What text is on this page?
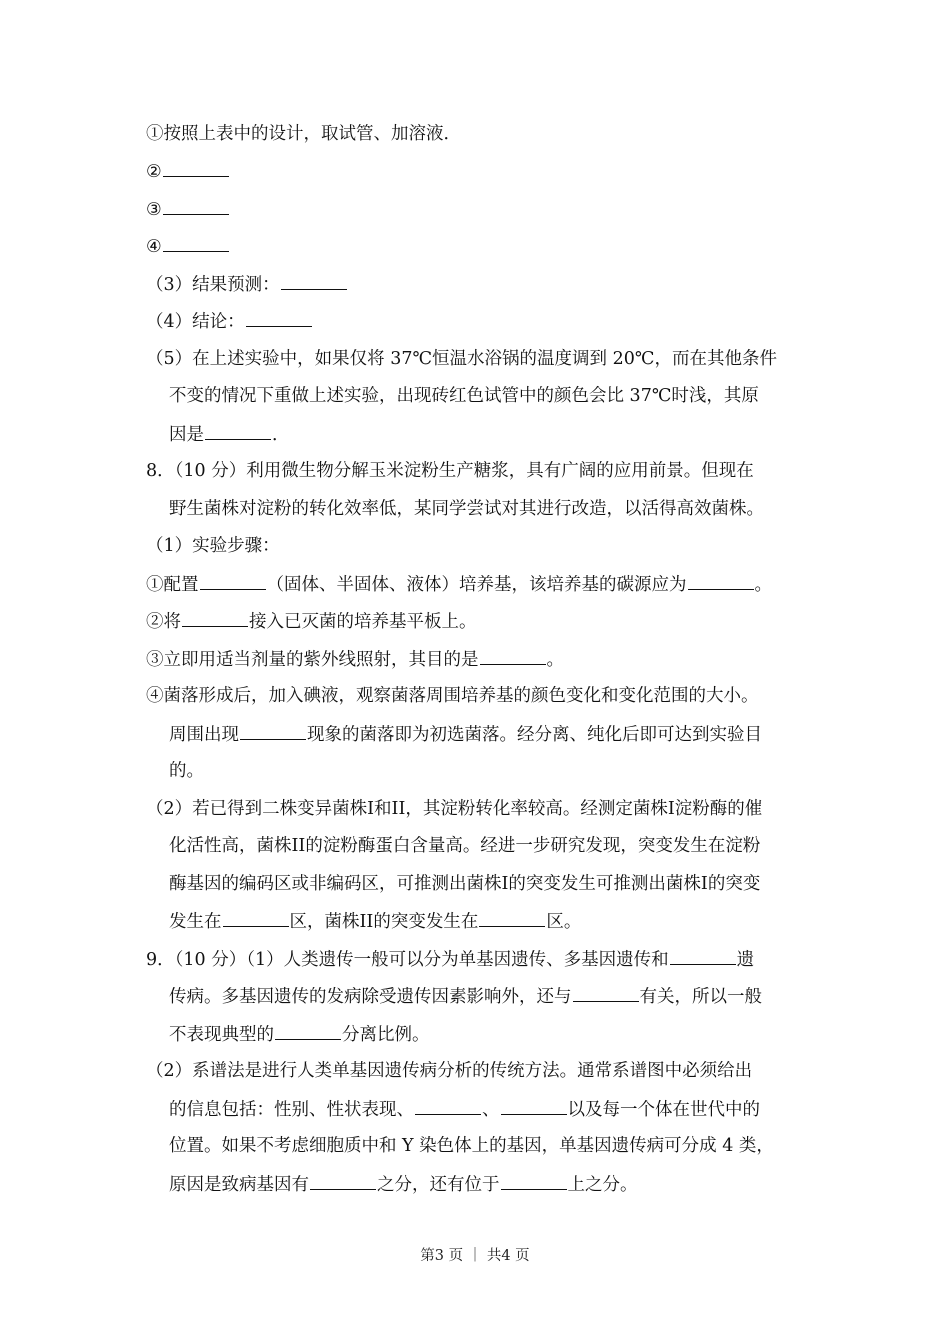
①按照上表中的设计，取试管、加溶液．
②
③
④
（3）结果预测：
（4）结论：
（5）在上述实验中，如果仅将 37℃恒温水浴锅的温度调到 20℃，而在其他条件
不变的情况下重做上述实验，出现砖红色试管中的颜色会比 37℃时浅，其原
因是	．
8．（10 分）利用微生物分解玉米淀粉生产糖浆，具有广阔的应用前景。但现在
野生菌株对淀粉的转化效率低，某同学尝试对其进行改造，以活得高效菌株。
（1）实验步骤：
①配置	（固体、半固体、液体）培养基，该培养基的碳源应为	。
②将	接入已灭菌的培养基平板上。
③立即用适当剂量的紫外线照射，其目的是	。
④菌落形成后，加入碘液，观察菌落周围培养基的颜色变化和变化范围的大小。
周围出现	现象的菌落即为初选菌落。经分离、纯化后即可达到实验目
的。
（2）若已得到二株变异菌株I和II，其淀粉转化率较高。经测定菌株I淀粉酶的催
化活性高，菌株II的淀粉酶蛋白含量高。经进一步研究发现，突变发生在淀粉
酶基因的编码区或非编码区，可推测出菌株I的突变发生可推测出菌株I的突变
发生在	区，菌株II的突变发生在	区。
9．（10 分）（1）人类遗传一般可以分为单基因遗传、多基因遗传和	遗
传病。多基因遗传的发病除受遗传因素影响外，还与	有关，所以一般
不表现典型的	分离比例。
（2）系谱法是进行人类单基因遗传病分析的传统方法。通常系谱图中必须给出
的信息包括：性别、性状表现、	、	以及每一个体在世代中的
位置。如果不考虑细胞质中和 Y 染色体上的基因，单基因遗传病可分成 4 类，
原因是致病基因有	之分，还有位于	上之分。
第3 页 ｜ 共4 页
